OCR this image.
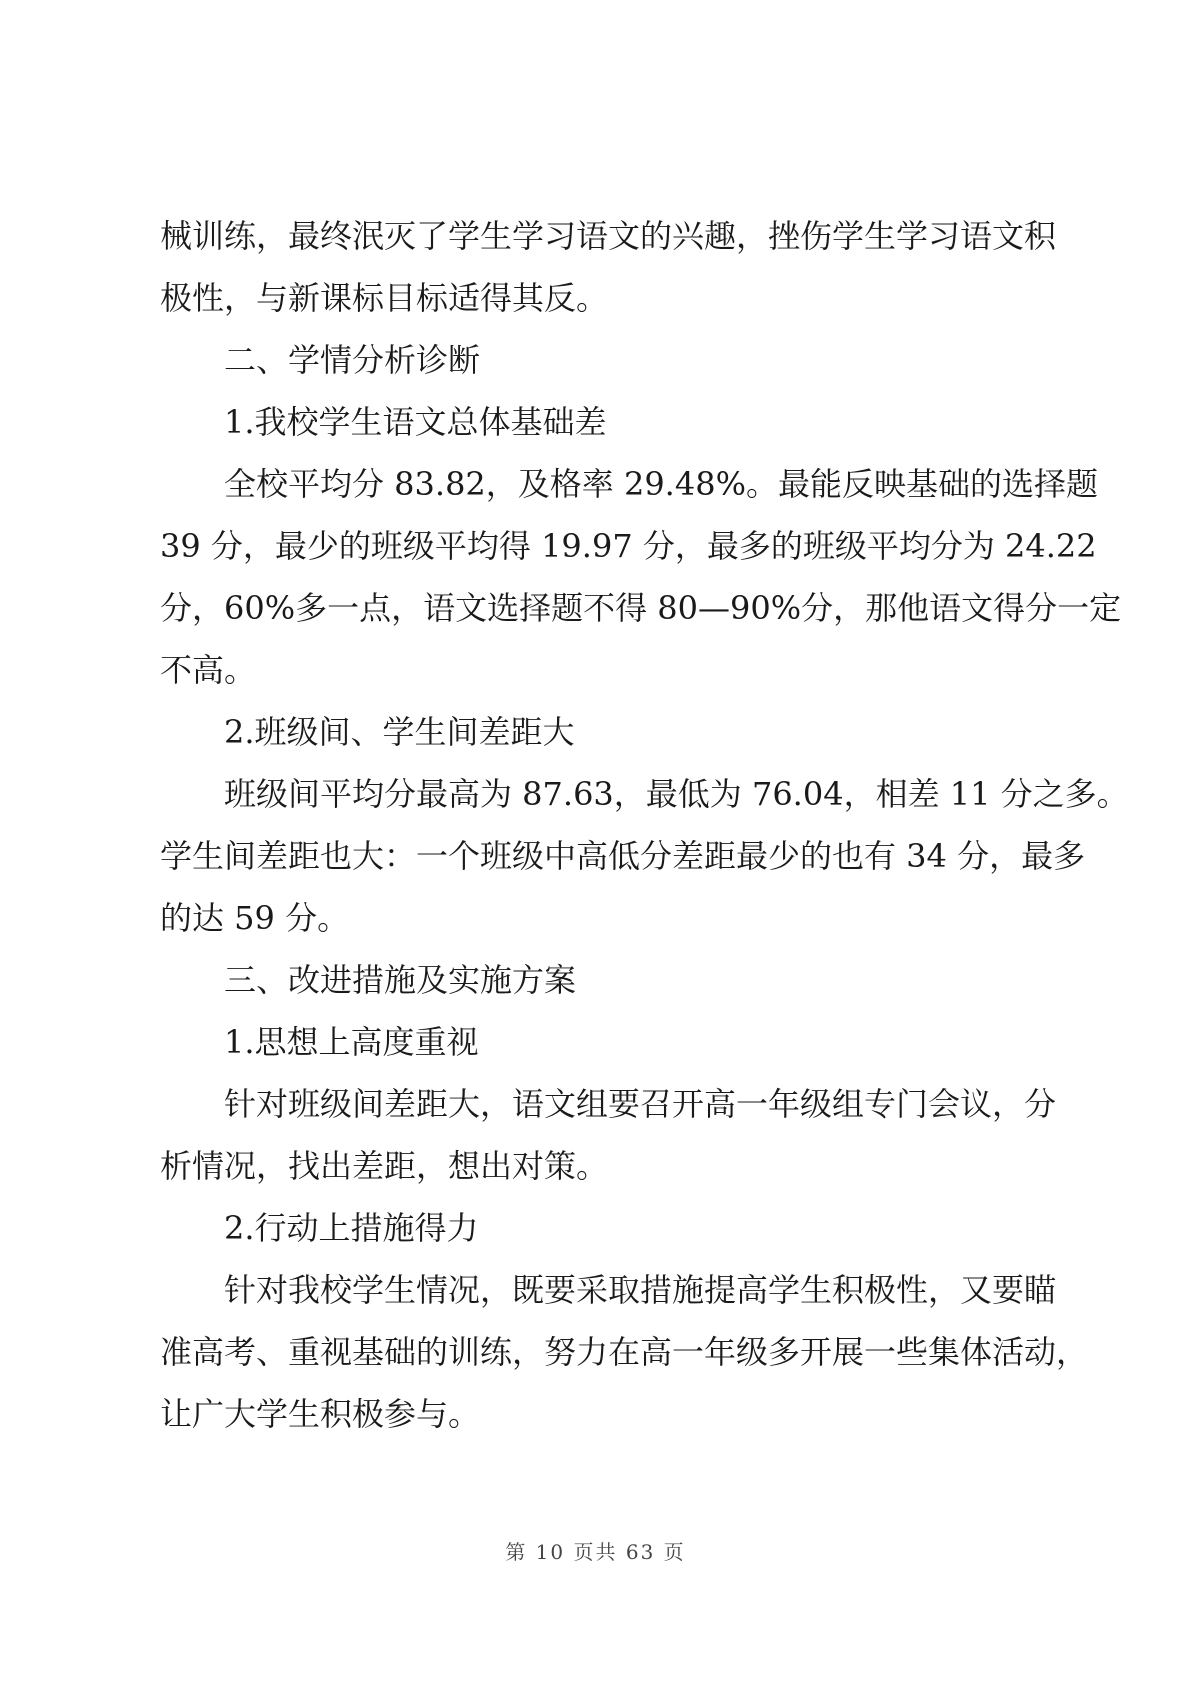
械训练，最终泯灭了学生学习语文的兴趣，挫伤学生学习语文积
极性，与新课标目标适得其反。
二、学情分析诊断
1.我校学生语文总体基础差
全校平均分 83.82，及格率 29.48%。最能反映基础的选择题
39 分，最少的班级平均得 19.97 分，最多的班级平均分为 24.22
分，60%多一点，语文选择题不得 80—90%分，那他语文得分一定
不高。
2.班级间、学生间差距大
班级间平均分最高为 87.63，最低为 76.04，相差 11 分之多。
学生间差距也大：一个班级中高低分差距最少的也有 34 分，最多
的达 59 分。
三、改进措施及实施方案
1.思想上高度重视
针对班级间差距大，语文组要召开高一年级组专门会议，分
析情况，找出差距，想出对策。
2.行动上措施得力
针对我校学生情况，既要采取措施提高学生积极性，又要瞄
准高考、重视基础的训练，努力在高一年级多开展一些集体活动，
让广大学生积极参与。
第 10 页共 63 页
